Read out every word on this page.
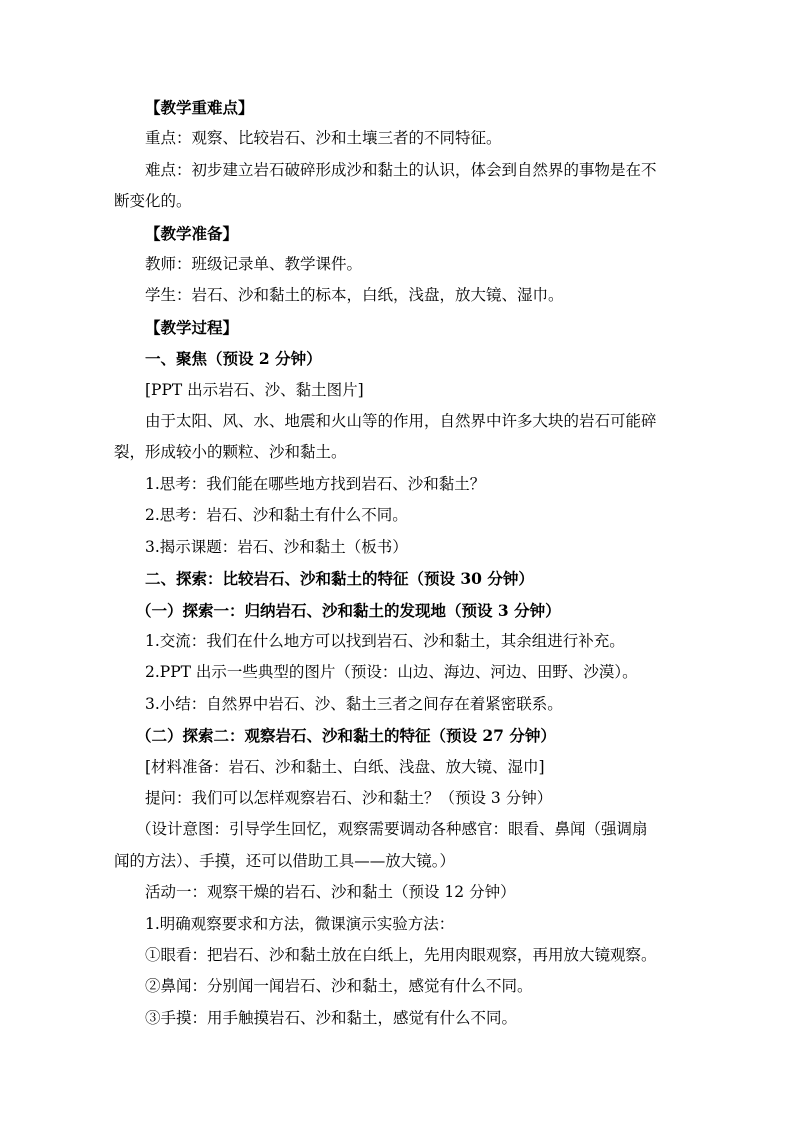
【教学重难点】
重点：观察、比较岩石、沙和土壤三者的不同特征。
难点：初步建立岩石破碎形成沙和黏土的认识，体会到自然界的事物是在不
断变化的。
【教学准备】
教师：班级记录单、教学课件。
学生：岩石、沙和黏土的标本，白纸，浅盘，放大镜、湿巾。
【教学过程】
一、聚焦（预设 2 分钟）
[PPT 出示岩石、沙、黏土图片]
由于太阳、风、水、地震和火山等的作用，自然界中许多大块的岩石可能碎
裂，形成较小的颗粒、沙和黏土。
1.思考：我们能在哪些地方找到岩石、沙和黏土？
2.思考：岩石、沙和黏土有什么不同。
3.揭示课题：岩石、沙和黏土（板书）
二、探索：比较岩石、沙和黏土的特征（预设 30 分钟）
（一）探索一：归纳岩石、沙和黏土的发现地（预设 3 分钟）
1.交流：我们在什么地方可以找到岩石、沙和黏土，其余组进行补充。
2.PPT 出示一些典型的图片（预设：山边、海边、河边、田野、沙漠）。
3.小结：自然界中岩石、沙、黏土三者之间存在着紧密联系。
（二）探索二：观察岩石、沙和黏土的特征（预设 27 分钟）
[材料准备：岩石、沙和黏土、白纸、浅盘、放大镜、湿巾]
提问：我们可以怎样观察岩石、沙和黏土？（预设 3 分钟）
（设计意图：引导学生回忆，观察需要调动各种感官：眼看、鼻闻（强调扇
闻的方法）、手摸，还可以借助工具——放大镜。）
活动一：观察干燥的岩石、沙和黏土（预设 12 分钟）
1.明确观察要求和方法，微课演示实验方法：
①眼看：把岩石、沙和黏土放在白纸上，先用肉眼观察，再用放大镜观察。
②鼻闻：分别闻一闻岩石、沙和黏土，感觉有什么不同。
③手摸：用手触摸岩石、沙和黏土，感觉有什么不同。
